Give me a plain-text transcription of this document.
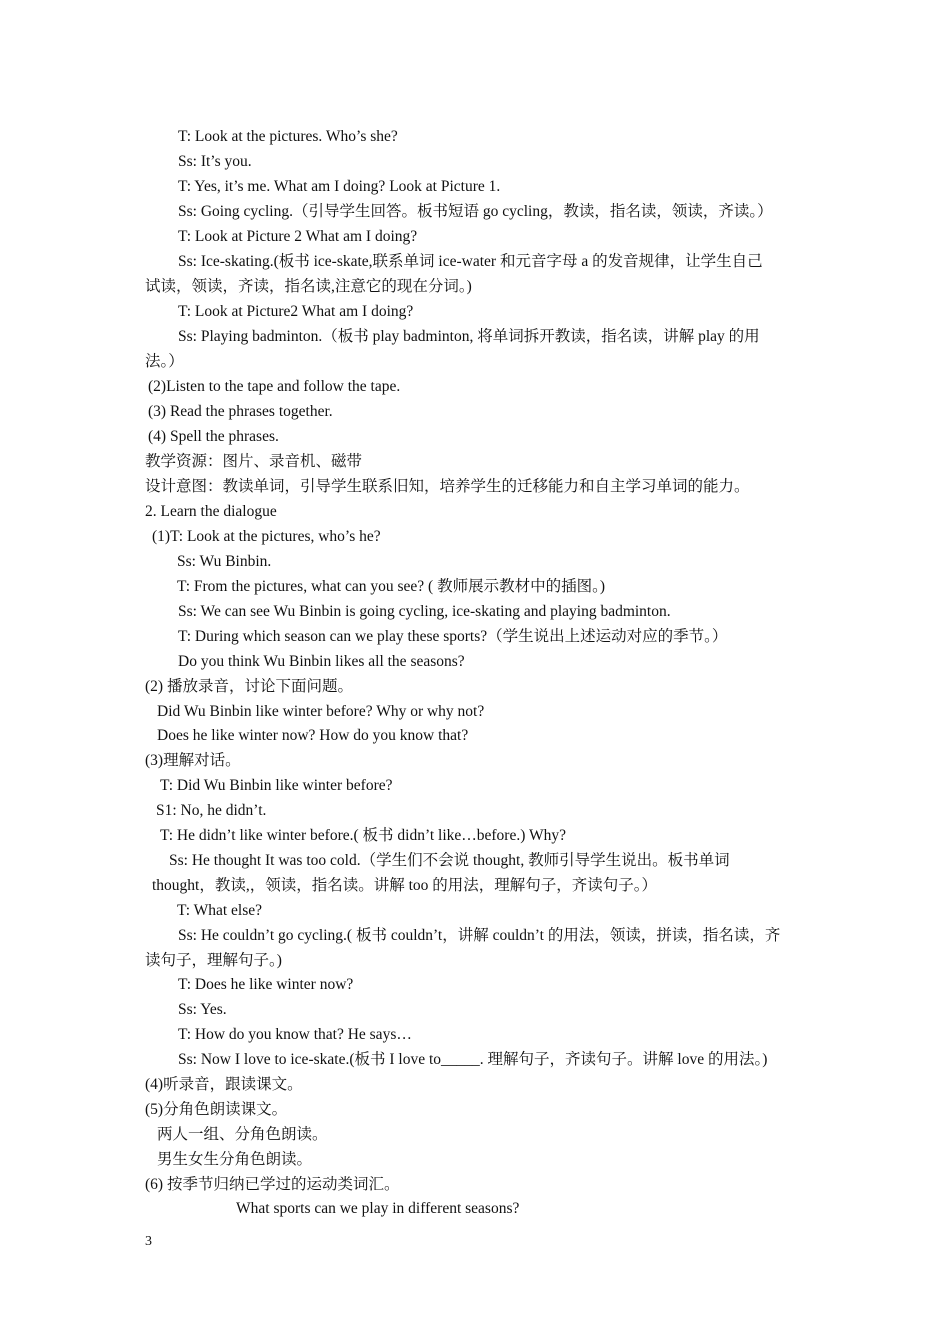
T: Look at the pictures. Who’s she?

Ss: It’s you.

T: Yes, it’s me. What am I doing? Look at Picture 1.

Ss: Going cycling.（引导学生回答。板书短语 go cycling，教读，指名读，领读，齐读。）

T: Look at Picture 2 What am I doing?

Ss: Ice-skating.(板书 ice-skate,联系单词 ice-water 和元音字母 a 的发音规律，让学生自己

试读，领读，齐读，指名读,注意它的现在分词。)

T: Look at Picture2 What am I doing?

Ss: Playing badminton.（板书 play badminton, 将单词拆开教读，指名读，讲解 play 的用

法。）

(2)Listen to the tape and follow the tape.

(3) Read the phrases together.

(4) Spell the phrases.

教学资源：图片、录音机、磁带

设计意图：教读单词，引导学生联系旧知，培养学生的迁移能力和自主学习单词的能力。

2. Learn the dialogue

(1)T: Look at the pictures, who’s he?

Ss: Wu Binbin.

T: From the pictures, what can you see? ( 教师展示教材中的插图。)

Ss: We can see Wu Binbin is going cycling, ice-skating and playing badminton.

T: During which season can we play these sports?（学生说出上述运动对应的季节。）

Do you think Wu Binbin likes all the seasons?

(2) 播放录音，讨论下面问题。

Did Wu Binbin like winter before? Why or why not?

Does he like winter now? How do you know that?

(3)理解对话。

T: Did Wu Binbin like winter before?

S1: No, he didn’t.

T: He didn’t like winter before.( 板书 didn’t like…before.) Why?

Ss: He thought It was too cold.（学生们不会说 thought, 教师引导学生说出。板书单词

thought，教读,，领读，指名读。讲解 too 的用法，理解句子，齐读句子。）

T: What else?

Ss: He couldn’t go cycling.( 板书 couldn’t，讲解 couldn’t 的用法，领读，拼读，指名读，齐

读句子，理解句子。)

T: Does he like winter now?

Ss: Yes.

T: How do you know that? He says…

Ss: Now I love to ice-skate.(板书 I love to_____. 理解句子，齐读句子。讲解 love 的用法。)

(4)听录音，跟读课文。

(5)分角色朗读课文。

两人一组、分角色朗读。

男生女生分角色朗读。

(6) 按季节归纳已学过的运动类词汇。

What sports can we play in different seasons?

3
